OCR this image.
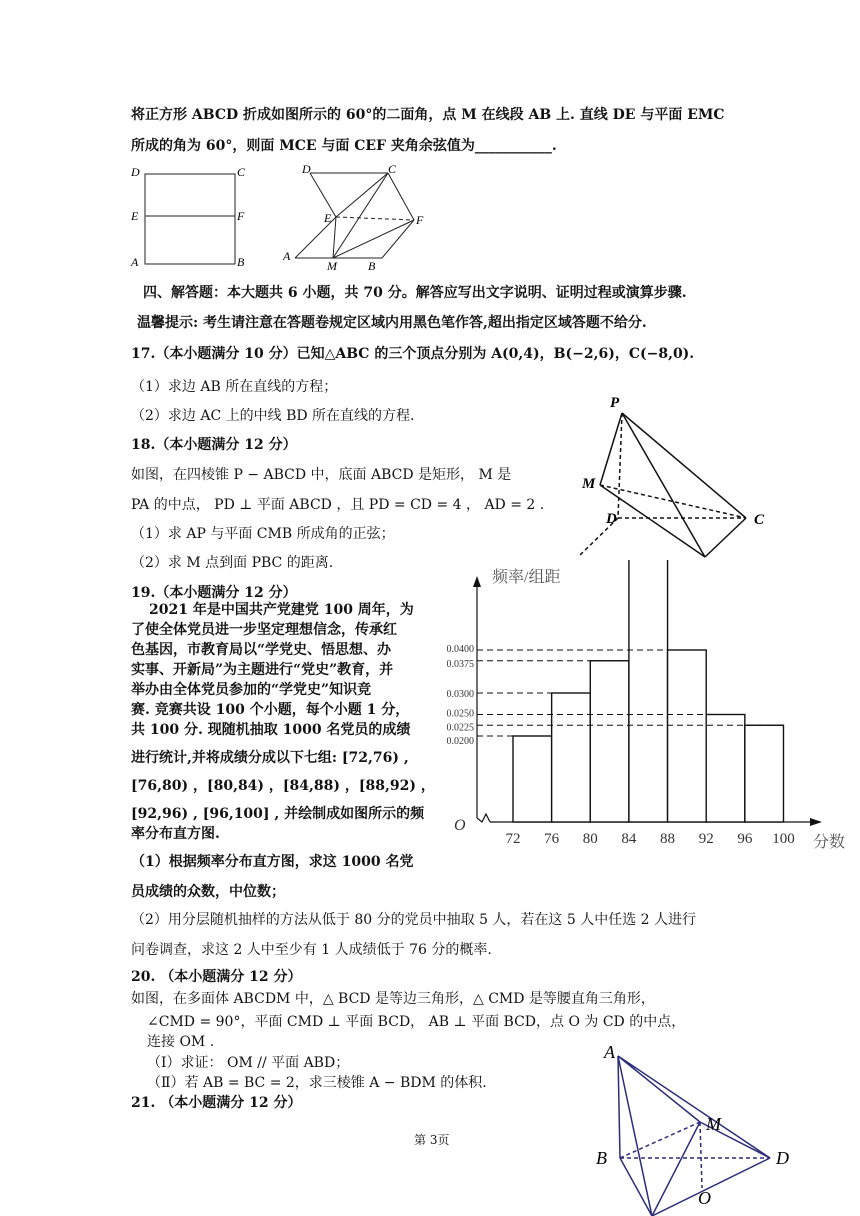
将正方形 ABCD 折成如图所示的 60°的二面角，点 M 在线段 AB 上. 直线 DE 与平面 EMC
所成的角为 60°，则面 MCE 与面 CEF 夹角余弦值为___________.
D	C
E	F
A	B
D	C
E	F
A
M	B
四、解答题：本大题共 6 小题，共 70 分。解答应写出文字说明、证明过程或演算步骤.
温馨提示: 考生请注意在答题卷规定区域内用黑色笔作答,超出指定区域答题不给分.
17.（本小题满分 10 分）已知△ABC 的三个顶点分别为 A(0,4)，B(−2,6)，C(−8,0).
（1）求边 AB 所在直线的方程；
（2）求边 AC 上的中线 BD 所在直线的方程.
18.（本小题满分 12 分）
如图，在四棱锥 P − ABCD 中，底面 ABCD 是矩形， M 是
PA 的中点， PD ⊥ 平面 ABCD ，且 PD = CD = 4 ， AD = 2 .
（1）求 AP 与平面 CMB 所成角的正弦；
（2）求 M 点到面 PBC 的距离.
P
M
D	C
19.（本小题满分 12 分）
2021 年是中国共产党建党 100 周年，为
了使全体党员进一步坚定理想信念，传承红
色基因，市教育局以“学党史、悟思想、办
实事、开新局”为主题进行“党史”教育，并
举办由全体党员参加的“学党史”知识竞
赛. 竞赛共设 100 个小题，每个小题 1 分，
共 100 分. 现随机抽取 1000 名党员的成绩
进行统计,并将成绩分成以下七组: [72,76) ,
[76,80) ，[80,84) ，[84,88) ，[88,92) ，
[92,96) , [96,100] , 并绘制成如图所示的频
率分布直方图.
（1）根据频率分布直方图，求这 1000 名党
员成绩的众数，中位数；
（2）用分层随机抽样的方法从低于 80 分的党员中抽取 5 人，若在这 5 人中任选 2 人进行
问卷调查，求这 2 人中至少有 1 人成绩低于 76 分的概率.
频率/组距
分数
O
0.0400
0.0375
0.0300
0.0250
0.0225
0.0200
72 76 80 84 88 92 96 100
20. （本小题满分 12 分）
如图，在多面体 ABCDM 中，△ BCD 是等边三角形，△ CMD 是等腰直角三角形，
∠CMD = 90°，平面 CMD ⊥ 平面 BCD， AB ⊥ 平面 BCD，点 O 为 CD 的中点，
连接 OM .
（Ⅰ）求证： OM // 平面 ABD；
（Ⅱ）若 AB = BC = 2，求三棱锥 A − BDM 的体积.
21. （本小题满分 12 分）
A
M
B	D
O
第 3页
